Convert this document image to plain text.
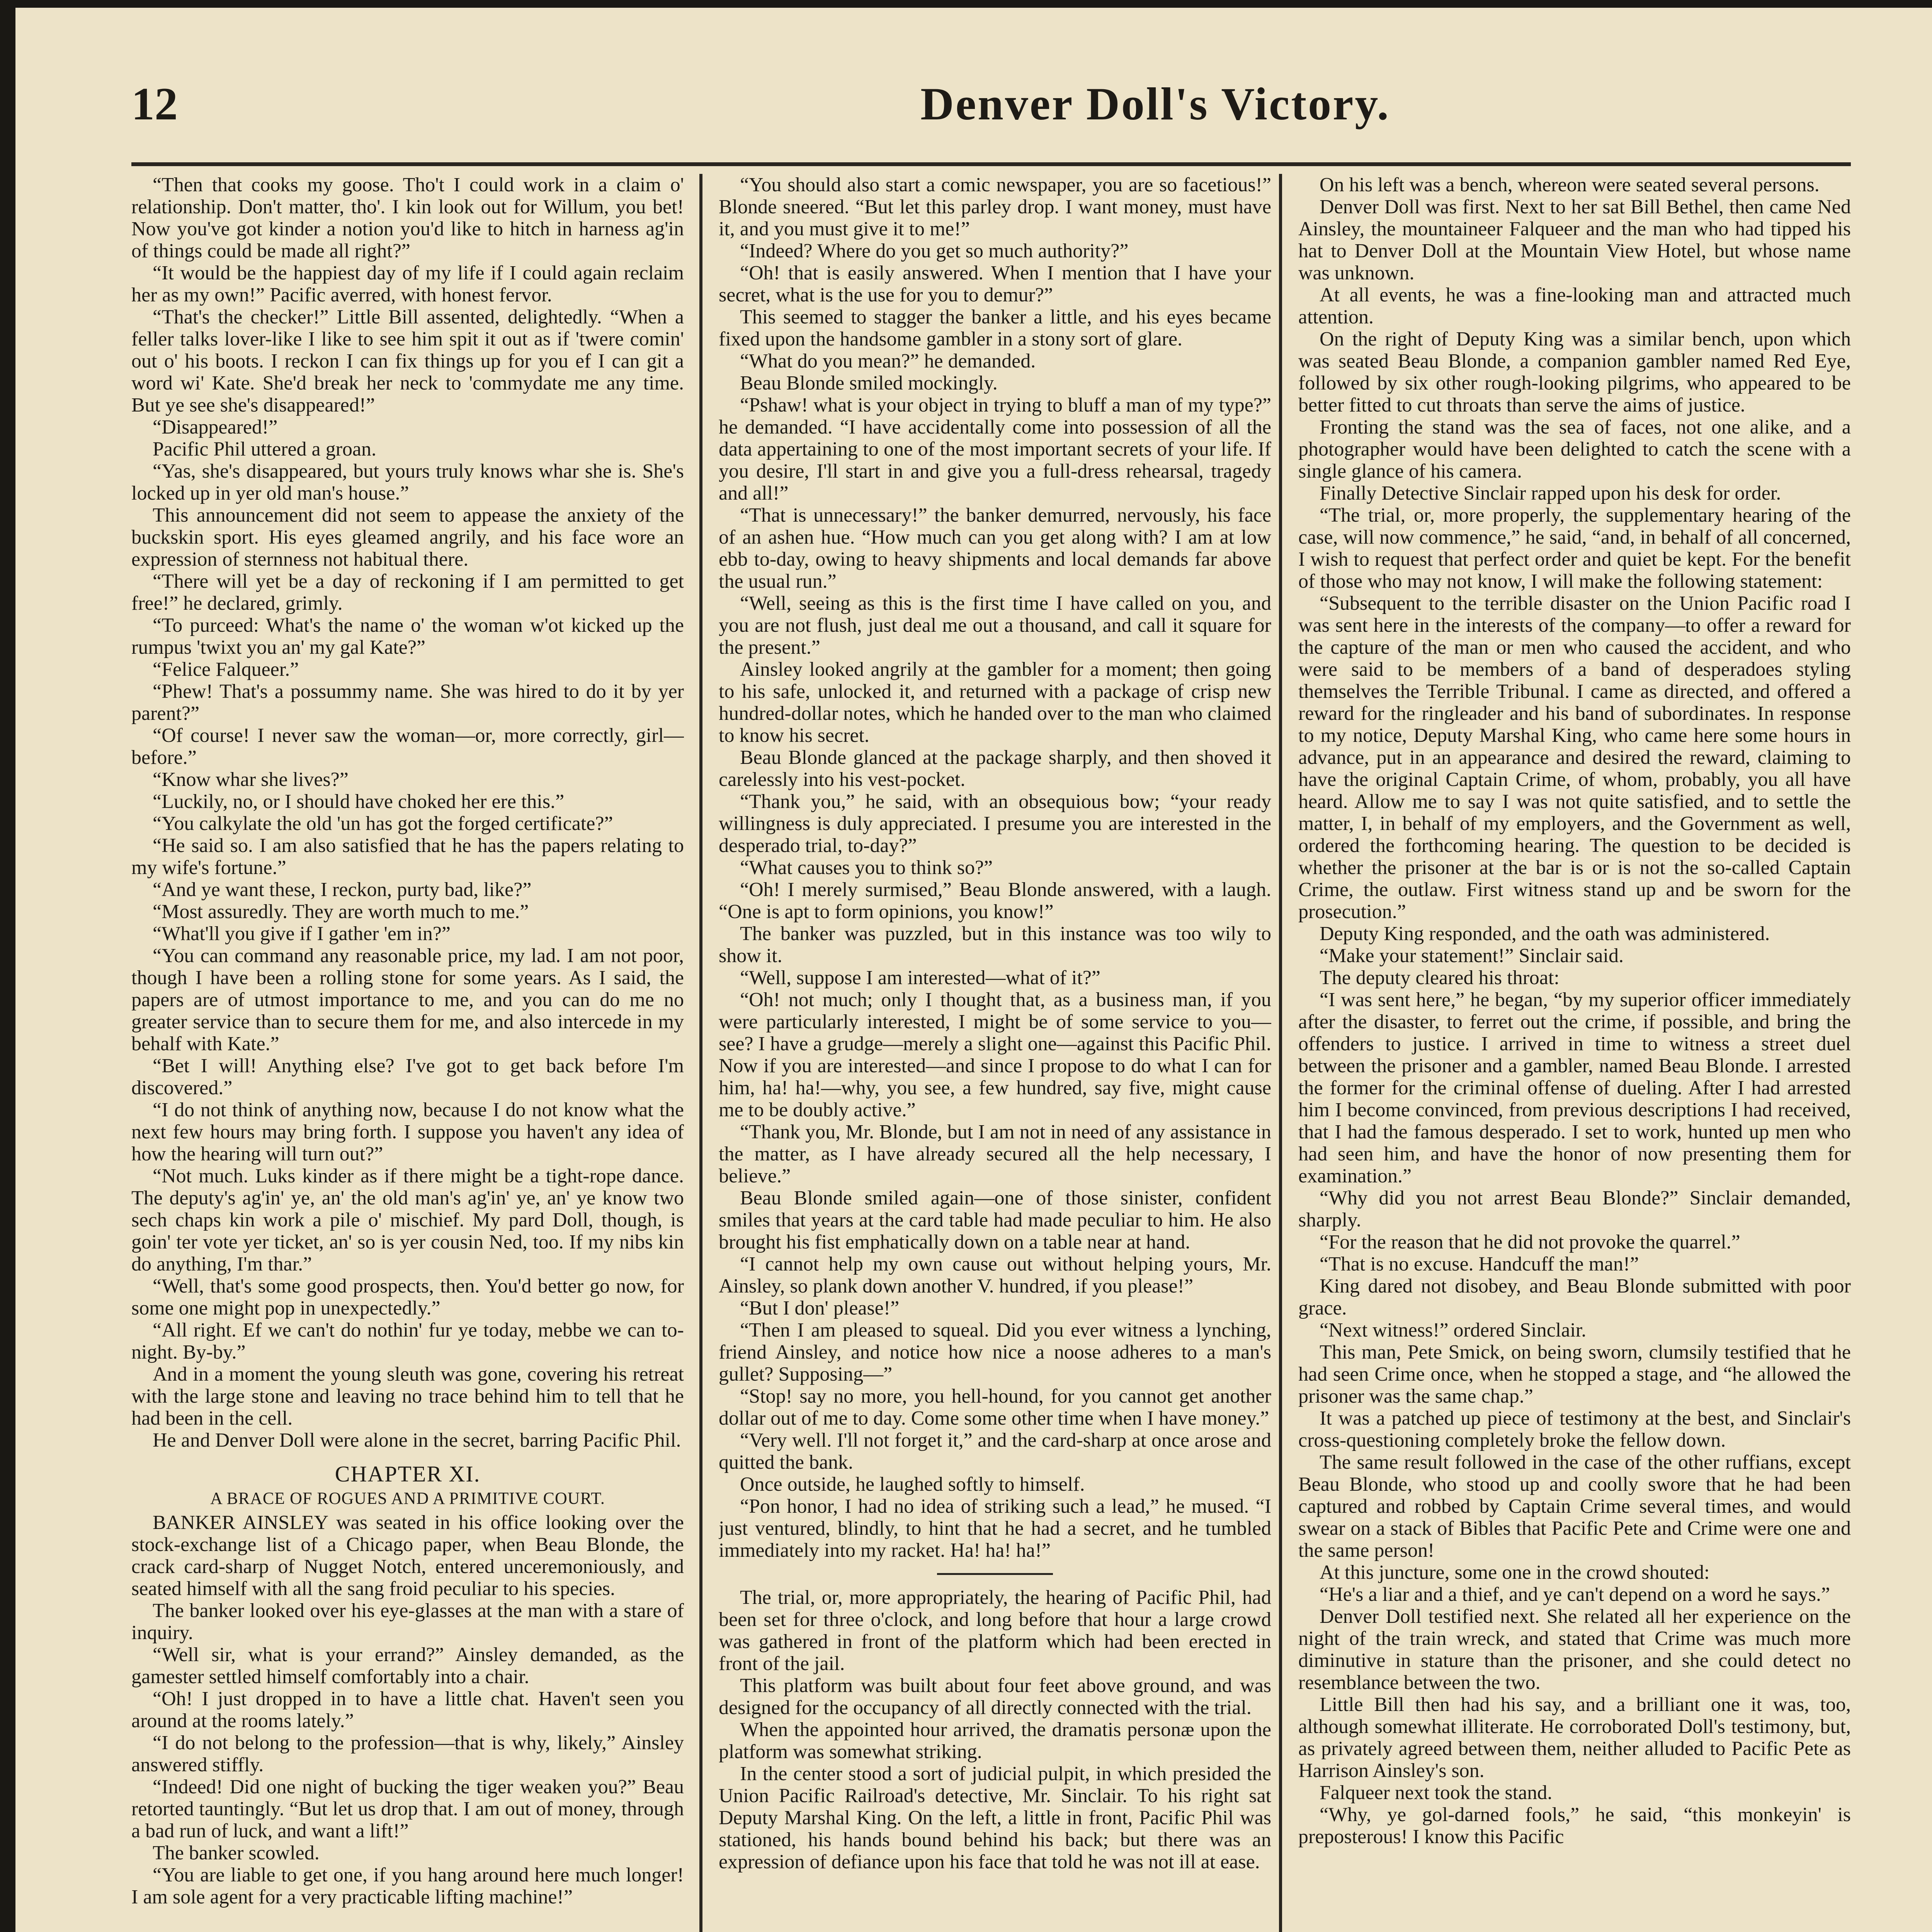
12	Denver Doll's Victory.

“Then that cooks my goose. Tho't I could work in a claim o' relationship. Don't matter, tho'. I kin look out for Willum, you bet! Now you've got kinder a notion you'd like to hitch in harness ag'in of things could be made all right?”

“It would be the happiest day of my life if I could again reclaim her as my own!” Pacific averred, with honest fervor.

“That's the checker!” Little Bill assented, delightedly. “When a feller talks lover-like I like to see him spit it out as if 'twere comin' out o' his boots. I reckon I can fix things up for you ef I can git a word wi' Kate. She'd break her neck to 'commydate me any time. But ye see she's disappeared!”

“Disappeared!”

Pacific Phil uttered a groan.

“Yas, she's disappeared, but yours truly knows whar she is. She's locked up in yer old man's house.”

This announcement did not seem to appease the anxiety of the buckskin sport. His eyes gleamed angrily, and his face wore an expression of sternness not habitual there.

“There will yet be a day of reckoning if I am permitted to get free!” he declared, grimly.

“To purceed: What's the name o' the woman w'ot kicked up the rumpus 'twixt you an' my gal Kate?”

“Felice Falqueer.”

“Phew! That's a possummy name. She was hired to do it by yer parent?”

“Of course! I never saw the woman—or, more correctly, girl—before.”

“Know whar she lives?”

“Luckily, no, or I should have choked her ere this.”

“You calkylate the old 'un has got the forged certificate?”

“He said so. I am also satisfied that he has the papers relating to my wife's fortune.”

“And ye want these, I reckon, purty bad, like?”

“Most assuredly. They are worth much to me.”

“What'll you give if I gather 'em in?”

“You can command any reasonable price, my lad. I am not poor, though I have been a rolling stone for some years. As I said, the papers are of utmost importance to me, and you can do me no greater service than to secure them for me, and also intercede in my behalf with Kate.”

“Bet I will! Anything else? I've got to get back before I'm discovered.”

“I do not think of anything now, because I do not know what the next few hours may bring forth. I suppose you haven't any idea of how the hearing will turn out?”

“Not much. Luks kinder as if there might be a tight-rope dance. The deputy's ag'in' ye, an' the old man's ag'in' ye, an' ye know two sech chaps kin work a pile o' mischief. My pard Doll, though, is goin' ter vote yer ticket, an' so is yer cousin Ned, too. If my nibs kin do anything, I'm thar.”

“Well, that's some good prospects, then. You'd better go now, for some one might pop in unexpectedly.”

“All right. Ef we can't do nothin' fur ye today, mebbe we can to-night. By-by.”

And in a moment the young sleuth was gone, covering his retreat with the large stone and leaving no trace behind him to tell that he had been in the cell.

He and Denver Doll were alone in the secret, barring Pacific Phil.

CHAPTER XI.
A BRACE OF ROGUES AND A PRIMITIVE COURT.

BANKER AINSLEY was seated in his office looking over the stock-exchange list of a Chicago paper, when Beau Blonde, the crack card-sharp of Nugget Notch, entered unceremoniously, and seated himself with all the sang froid peculiar to his species.

The banker looked over his eye-glasses at the man with a stare of inquiry.

“Well sir, what is your errand?” Ainsley demanded, as the gamester settled himself comfortably into a chair.

“Oh! I just dropped in to have a little chat. Haven't seen you around at the rooms lately.”

“I do not belong to the profession—that is why, likely,” Ainsley answered stiffly.

“Indeed! Did one night of bucking the tiger weaken you?” Beau retorted tauntingly. “But let us drop that. I am out of money, through a bad run of luck, and want a lift!”

The banker scowled.

“You are liable to get one, if you hang around here much longer! I am sole agent for a very practicable lifting machine!”

“You should also start a comic newspaper, you are so facetious!” Blonde sneered. “But let this parley drop. I want money, must have it, and you must give it to me!”

“Indeed? Where do you get so much authority?”

“Oh! that is easily answered. When I mention that I have your secret, what is the use for you to demur?”

This seemed to stagger the banker a little, and his eyes became fixed upon the handsome gambler in a stony sort of glare.

“What do you mean?” he demanded.

Beau Blonde smiled mockingly.

“Pshaw! what is your object in trying to bluff a man of my type?” he demanded. “I have accidentally come into possession of all the data appertaining to one of the most important secrets of your life. If you desire, I'll start in and give you a full-dress rehearsal, tragedy and all!”

“That is unnecessary!” the banker demurred, nervously, his face of an ashen hue. “How much can you get along with? I am at low ebb to-day, owing to heavy shipments and local demands far above the usual run.”

“Well, seeing as this is the first time I have called on you, and you are not flush, just deal me out a thousand, and call it square for the present.”

Ainsley looked angrily at the gambler for a moment; then going to his safe, unlocked it, and returned with a package of crisp new hundred-dollar notes, which he handed over to the man who claimed to know his secret.

Beau Blonde glanced at the package sharply, and then shoved it carelessly into his vest-pocket.

“Thank you,” he said, with an obsequious bow; “your ready willingness is duly appreciated. I presume you are interested in the desperado trial, to-day?”

“What causes you to think so?”

“Oh! I merely surmised,” Beau Blonde answered, with a laugh. “One is apt to form opinions, you know!”

The banker was puzzled, but in this instance was too wily to show it.

“Well, suppose I am interested—what of it?”

“Oh! not much; only I thought that, as a business man, if you were particularly interested, I might be of some service to you—see? I have a grudge—merely a slight one—against this Pacific Phil. Now if you are interested—and since I propose to do what I can for him, ha! ha!—why, you see, a few hundred, say five, might cause me to be doubly active.”

“Thank you, Mr. Blonde, but I am not in need of any assistance in the matter, as I have already secured all the help necessary, I believe.”

Beau Blonde smiled again—one of those sinister, confident smiles that years at the card table had made peculiar to him. He also brought his fist emphatically down on a table near at hand.

“I cannot help my own cause out without helping yours, Mr. Ainsley, so plank down another V. hundred, if you please!”

“But I don' please!”

“Then I am pleased to squeal. Did you ever witness a lynching, friend Ainsley, and notice how nice a noose adheres to a man's gullet? Supposing—”

“Stop! say no more, you hell-hound, for you cannot get another dollar out of me to day. Come some other time when I have money.”

“Very well. I'll not forget it,” and the card-sharp at once arose and quitted the bank.

Once outside, he laughed softly to himself.

“Pon honor, I had no idea of striking such a lead,” he mused. “I just ventured, blindly, to hint that he had a secret, and he tumbled immediately into my racket. Ha! ha! ha!”

The trial, or, more appropriately, the hearing of Pacific Phil, had been set for three o'clock, and long before that hour a large crowd was gathered in front of the platform which had been erected in front of the jail.

This platform was built about four feet above ground, and was designed for the occupancy of all directly connected with the trial.

When the appointed hour arrived, the dramatis personæ upon the platform was somewhat striking.

In the center stood a sort of judicial pulpit, in which presided the Union Pacific Railroad's detective, Mr. Sinclair. To his right sat Deputy Marshal King. On the left, a little in front, Pacific Phil was stationed, his hands bound behind his back; but there was an expression of defiance upon his face that told he was not ill at ease.

On his left was a bench, whereon were seated several persons.

Denver Doll was first. Next to her sat Bill Bethel, then came Ned Ainsley, the mountaineer Falqueer and the man who had tipped his hat to Denver Doll at the Mountain View Hotel, but whose name was unknown.

At all events, he was a fine-looking man and attracted much attention.

On the right of Deputy King was a similar bench, upon which was seated Beau Blonde, a companion gambler named Red Eye, followed by six other rough-looking pilgrims, who appeared to be better fitted to cut throats than serve the aims of justice.

Fronting the stand was the sea of faces, not one alike, and a photographer would have been delighted to catch the scene with a single glance of his camera.

Finally Detective Sinclair rapped upon his desk for order.

“The trial, or, more properly, the supplementary hearing of the case, will now commence,” he said, “and, in behalf of all concerned, I wish to request that perfect order and quiet be kept. For the benefit of those who may not know, I will make the following statement:

“Subsequent to the terrible disaster on the Union Pacific road I was sent here in the interests of the company—to offer a reward for the capture of the man or men who caused the accident, and who were said to be members of a band of desperadoes styling themselves the Terrible Tribunal. I came as directed, and offered a reward for the ringleader and his band of subordinates. In response to my notice, Deputy Marshal King, who came here some hours in advance, put in an appearance and desired the reward, claiming to have the original Captain Crime, of whom, probably, you all have heard. Allow me to say I was not quite satisfied, and to settle the matter, I, in behalf of my employers, and the Government as well, ordered the forthcoming hearing. The question to be decided is whether the prisoner at the bar is or is not the so-called Captain Crime, the outlaw. First witness stand up and be sworn for the prosecution.”

Deputy King responded, and the oath was administered.

“Make your statement!” Sinclair said.

The deputy cleared his throat:

“I was sent here,” he began, “by my superior officer immediately after the disaster, to ferret out the crime, if possible, and bring the offenders to justice. I arrived in time to witness a street duel between the prisoner and a gambler, named Beau Blonde. I arrested the former for the criminal offense of dueling. After I had arrested him I become convinced, from previous descriptions I had received, that I had the famous desperado. I set to work, hunted up men who had seen him, and have the honor of now presenting them for examination.”

“Why did you not arrest Beau Blonde?” Sinclair demanded, sharply.

“For the reason that he did not provoke the quarrel.”

“That is no excuse. Handcuff the man!”

King dared not disobey, and Beau Blonde submitted with poor grace.

“Next witness!” ordered Sinclair.

This man, Pete Smick, on being sworn, clumsily testified that he had seen Crime once, when he stopped a stage, and “he allowed the prisoner was the same chap.”

It was a patched up piece of testimony at the best, and Sinclair's cross-questioning completely broke the fellow down.

The same result followed in the case of the other ruffians, except Beau Blonde, who stood up and coolly swore that he had been captured and robbed by Captain Crime several times, and would swear on a stack of Bibles that Pacific Pete and Crime were one and the same person!

At this juncture, some one in the crowd shouted:

“He's a liar and a thief, and ye can't depend on a word he says.”

Denver Doll testified next. She related all her experience on the night of the train wreck, and stated that Crime was much more diminutive in stature than the prisoner, and she could detect no resemblance between the two.

Little Bill then had his say, and a brilliant one it was, too, although somewhat illiterate. He corroborated Doll's testimony, but, as privately agreed between them, neither alluded to Pacific Pete as Harrison Ainsley's son.

Falqueer next took the stand.

“Why, ye gol-darned fools,” he said, “this monkeyin' is preposterous! I know this Pacific
